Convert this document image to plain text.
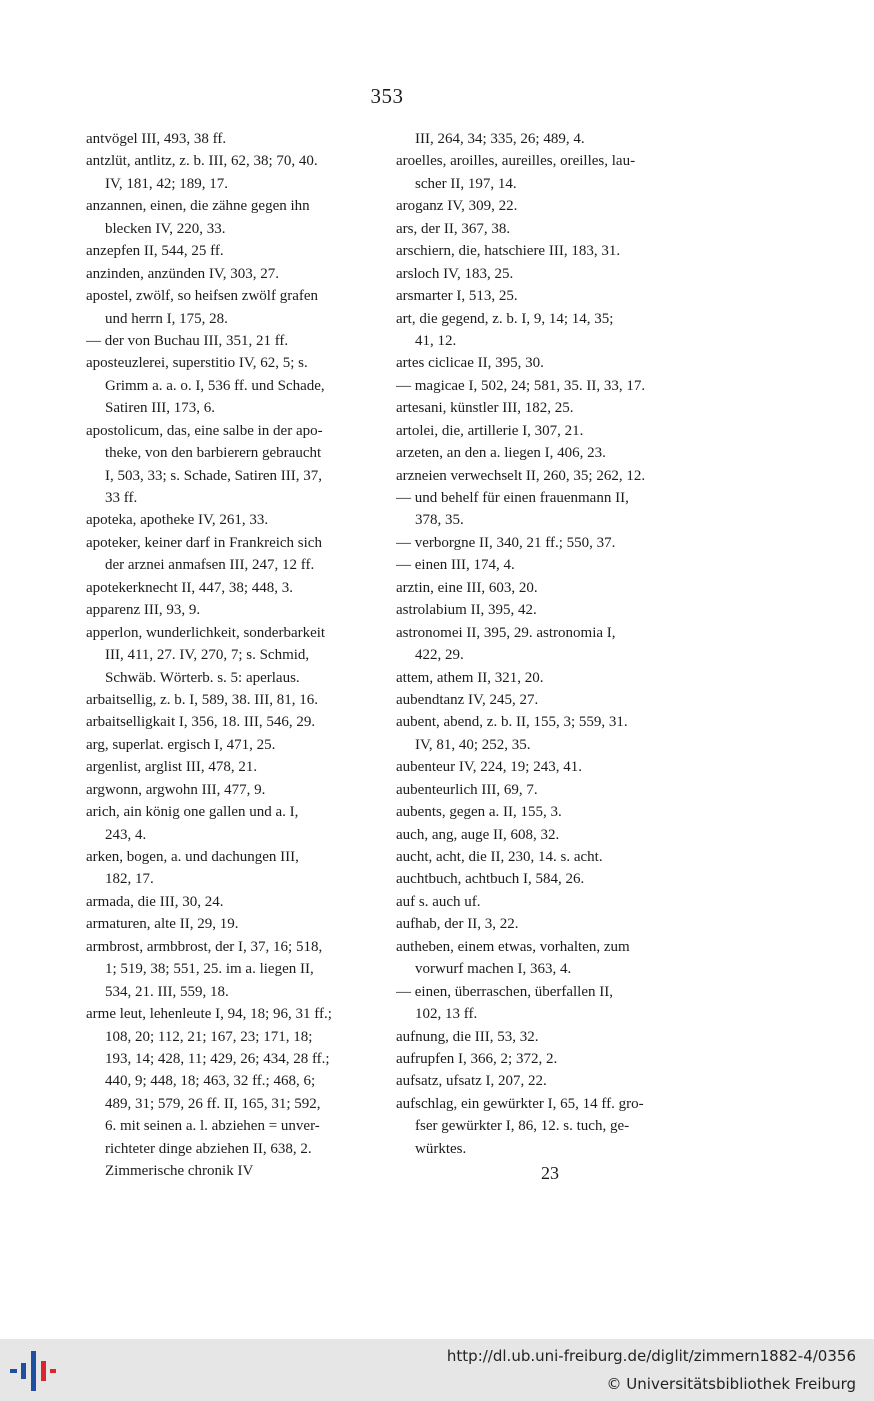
353
antvögel III, 493, 38 ff.
antzlüt, antlitz, z. b. III, 62, 38; 70, 40.
IV, 181, 42; 189, 17.
anzannen, einen, die zähne gegen ihn
blecken IV, 220, 33.
anzepfen II, 544, 25 ff.
anzinden, anzünden IV, 303, 27.
apostel, zwölf, so heifsen zwölf grafen
und herrn I, 175, 28.
— der von Buchau III, 351, 21 ff.
aposteuzlerei, superstitio IV, 62, 5; s.
Grimm a. a. o. I, 536 ff. und Schade,
Satiren III, 173, 6.
apostolicum, das, eine salbe in der apo-
theke, von den barbierern gebraucht
I, 503, 33; s. Schade, Satiren III, 37,
33 ff.
apoteka, apotheke IV, 261, 33.
apoteker, keiner darf in Frankreich sich
der arznei anmafsen III, 247, 12 ff.
apotekerknecht II, 447, 38; 448, 3.
apparenz III, 93, 9.
apperlon, wunderlichkeit, sonderbarkeit
III, 411, 27. IV, 270, 7; s. Schmid,
Schwäb. Wörterb. s. 5: aperlaus.
arbaitsellig, z. b. I, 589, 38. III, 81, 16.
arbaitselligkait I, 356, 18. III, 546, 29.
arg, superlat. ergisch I, 471, 25.
argenlist, arglist III, 478, 21.
argwonn, argwohn III, 477, 9.
arich, ain könig one gallen und a. I,
243, 4.
arken, bogen, a. und dachungen III,
182, 17.
armada, die III, 30, 24.
armaturen, alte II, 29, 19.
armbrost, armbbrost, der I, 37, 16; 518,
1; 519, 38; 551, 25. im a. liegen II,
534, 21. III, 559, 18.
arme leut, lehenleute I, 94, 18; 96, 31 ff.;
108, 20; 112, 21; 167, 23; 171, 18;
193, 14; 428, 11; 429, 26; 434, 28 ff.;
440, 9; 448, 18; 463, 32 ff.; 468, 6;
489, 31; 579, 26 ff. II, 165, 31; 592,
6. mit seinen a. l. abziehen = unver-
richteter dinge abziehen II, 638, 2.
Zimmerische chronik IV
III, 264, 34; 335, 26; 489, 4.
aroelles, aroilles, aureilles, oreilles, lau-
scher II, 197, 14.
aroganz IV, 309, 22.
ars, der II, 367, 38.
arschiern, die, hatschiere III, 183, 31.
arsloch IV, 183, 25.
arsmarter I, 513, 25.
art, die gegend, z. b. I, 9, 14; 14, 35;
41, 12.
artes ciclicae II, 395, 30.
— magicae I, 502, 24; 581, 35. II, 33, 17.
artesani, künstler III, 182, 25.
artolei, die, artillerie I, 307, 21.
arzeten, an den a. liegen I, 406, 23.
arzneien verwechselt II, 260, 35; 262, 12.
— und behelf für einen frauenmann II,
378, 35.
— verborgne II, 340, 21 ff.; 550, 37.
— einen III, 174, 4.
arztin, eine III, 603, 20.
astrolabium II, 395, 42.
astronomei II, 395, 29. astronomia I,
422, 29.
attem, athem II, 321, 20.
aubendtanz IV, 245, 27.
aubent, abend, z. b. II, 155, 3; 559, 31.
IV, 81, 40; 252, 35.
aubenteur IV, 224, 19; 243, 41.
aubenteurlich III, 69, 7.
aubents, gegen a. II, 155, 3.
auch, ang, auge II, 608, 32.
aucht, acht, die II, 230, 14. s. acht.
auchtbuch, achtbuch I, 584, 26.
auf s. auch uf.
aufhab, der II, 3, 22.
autheben, einem etwas, vorhalten, zum
vorwurf machen I, 363, 4.
— einen, überraschen, überfallen II,
102, 13 ff.
aufnung, die III, 53, 32.
aufrupfen I, 366, 2; 372, 2.
aufsatz, ufsatz I, 207, 22.
aufschlag, ein gewürkter I, 65, 14 ff. gro-
fser gewürkter I, 86, 12. s. tuch, ge-
würktes.
23
http://dl.ub.uni-freiburg.de/diglit/zimmern1882-4/0356
© Universitätsbibliothek Freiburg
